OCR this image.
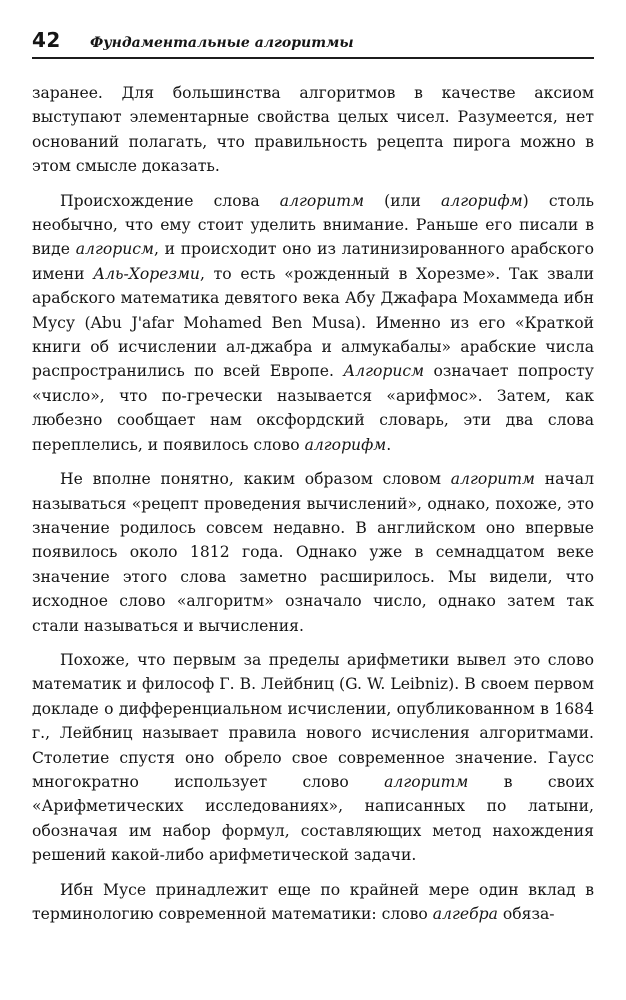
42	Фундаментальные алгоритмы

заранее. Для большинства алгоритмов в качестве аксиом выступают элементарные свойства целых чисел. Разумеется, нет оснований полагать, что правильность рецепта пирога можно в этом смысле доказать.

Происхождение слова алгоритм (или алгорифм) столь необычно, что ему стоит уделить внимание. Раньше его писали в виде алгорисм, и происходит оно из латинизированного арабского имени Аль-Хорезми, то есть «рожденный в Хорезме». Так звали арабского математика девятого века Абу Джафара Мохаммеда ибн Мусу (Abu J'afar Mohamed Ben Musa). Именно из его «Краткой книги об исчислении ал-джабра и алмукабалы» арабские числа распространились по всей Европе. Алгорисм означает попросту «число», что по-гречески называется «арифмос». Затем, как любезно сообщает нам оксфордский словарь, эти два слова переплелись, и появилось слово алгорифм.

Не вполне понятно, каким образом словом алгоритм начал называться «рецепт проведения вычислений», однако, похоже, это значение родилось совсем недавно. В английском оно впервые появилось около 1812 года. Однако уже в семнадцатом веке значение этого слова заметно расширилось. Мы видели, что исходное слово «алгоритм» означало число, однако затем так стали называться и вычисления.

Похоже, что первым за пределы арифметики вывел это слово математик и философ Г. В. Лейбниц (G. W. Leibniz). В своем первом докладе о дифференциальном исчислении, опубликованном в 1684 г., Лейбниц называет правила нового исчисления алгоритмами. Столетие спустя оно обрело свое современное значение. Гаусс многократно использует слово алгоритм в своих «Арифметических исследованиях», написанных по латыни, обозначая им набор формул, составляющих метод нахождения решений какой-либо арифметической задачи.

Ибн Мусе принадлежит еще по крайней мере один вклад в терминологию современной математики: слово алгебра обяза-
